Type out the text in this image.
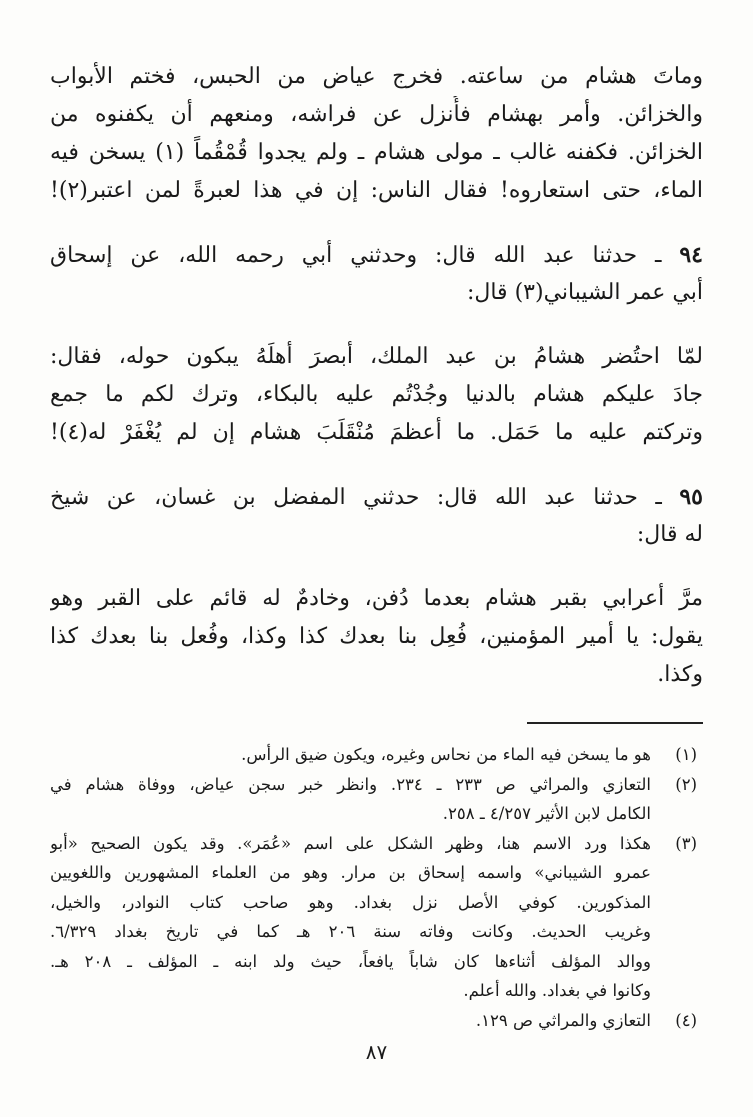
وماتَ هشام من ساعته. فخرج عياض من الحبس، فختم الأبواب
والخزائن. وأمر بهشام فأُنزل عن فراشه، ومنعهم أن يكفنوه من
الخزائن. فكفنه غالب ـ مولى هشام ـ ولم يجدوا قُمْقُماً (١) يسخن فيه
الماء، حتى استعاروه! فقال الناس: إن في هذا لعبرةً لمن اعتبر(٢)!
٩٤ ـ حدثنا عبد الله قال: وحدثني أبي رحمه الله، عن إسحاق
أبي عمر الشيباني(٣) قال:
لمّا احتُضر هشامُ بن عبد الملك، أبصرَ أهلَهُ يبكون حوله، فقال:
جادَ عليكم هشام بالدنيا وجُدْتُم عليه بالبكاء، وترك لكم ما جمع
وتركتم عليه ما حَمَل. ما أعظمَ مُنْقَلَبَ هشام إن لم يُغْفَرْ له(٤)!
٩٥ ـ حدثنا عبد الله قال: حدثني المفضل بن غسان، عن شيخ
له قال:
مرَّ أعرابي بقبر هشام بعدما دُفن، وخادمٌ له قائم على القبر وهو
يقول: يا أمير المؤمنين، فُعِل بنا بعدك كذا وكذا، وفُعل بنا بعدك كذا
وكذا.
(١)
هو ما يسخن فيه الماء من نحاس وغيره، ويكون ضيق الرأس.
(٢)
التعازي والمراثي ص ٢٣٣ ـ ٢٣٤. وانظر خبر سجن عياض، ووفاة هشام في
الكامل لابن الأثير ٤/٢٥٧ ـ ٢٥٨.
(٣)
هكذا ورد الاسم هنا، وظهر الشكل على اسم «عُمَر». وقد يكون الصحيح «أبو
عمرو الشيباني» واسمه إسحاق بن مرار. وهو من العلماء المشهورين واللغويين
المذكورين. كوفي الأصل نزل بغداد. وهو صاحب كتاب النوادر، والخيل،
وغريب الحديث. وكانت وفاته سنة ٢٠٦ هـ كما في تاريخ بغداد ٦/٣٢٩.
ووالد المؤلف أثناءها كان شاباً يافعاً، حيث ولد ابنه ـ المؤلف ـ ٢٠٨ هـ.
وكانوا في بغداد. والله أعلم.
(٤)
التعازي والمراثي ص ١٢٩.
٨٧
